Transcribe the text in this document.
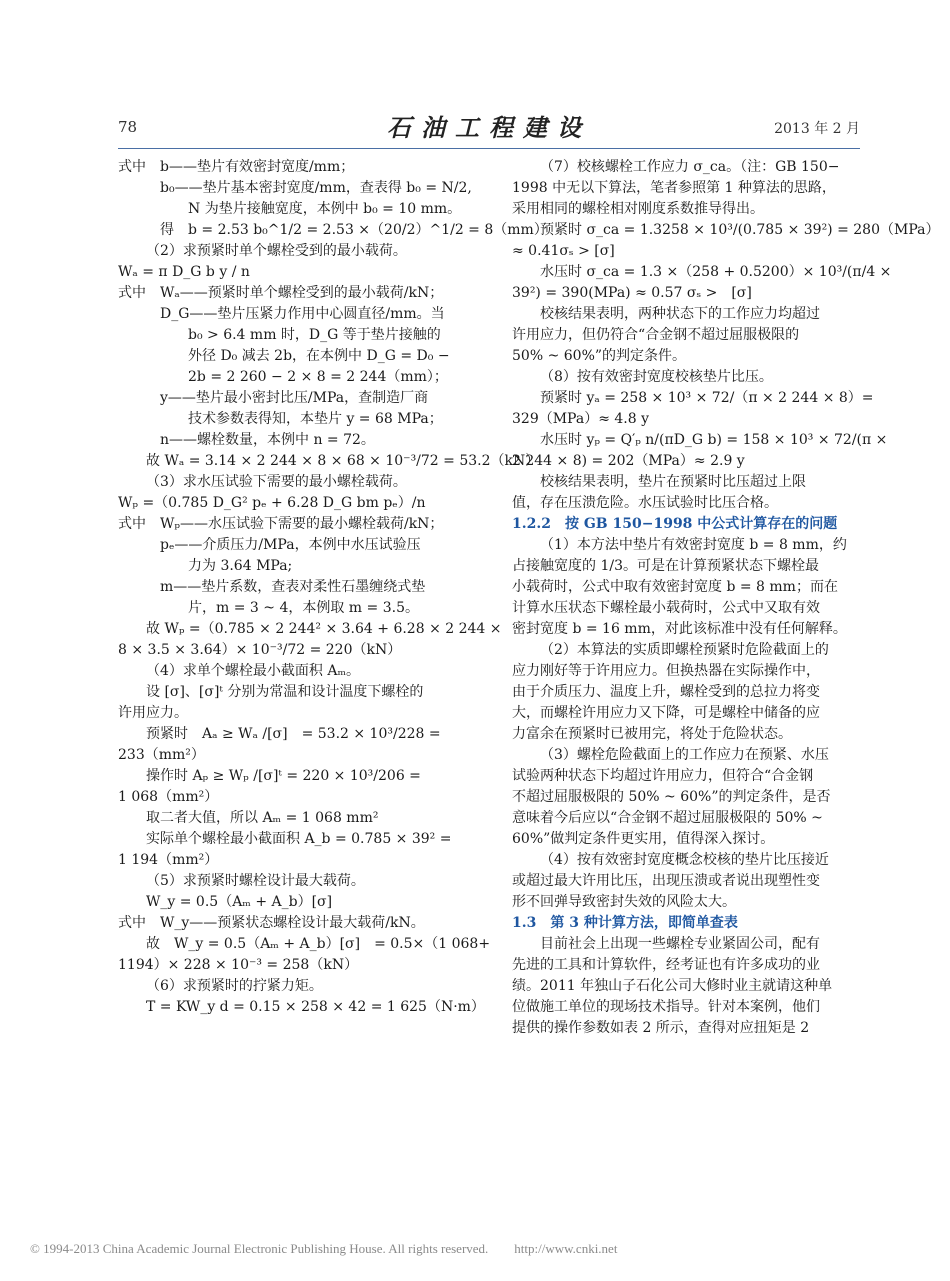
78	石油工程建设	2013 年 2 月
式中　b——垫片有效密封宽度/mm；
　　　b₀——垫片基本密封宽度/mm，查表得 b₀ = N/2,
　　　　　N 为垫片接触宽度，本例中 b₀ = 10 mm。
　得　b = 2.53 b₀^1/2 = 2.53 ×（20/2）^1/2 = 8（mm）
（2）求预紧时单个螺栓受到的最小载荷。
Wₐ = π D_G b y / n
式中　Wₐ——预紧时单个螺栓受到的最小载荷/kN；
　　　D_G——垫片压紧力作用中心圆直径/mm。当
　　　　　b₀ > 6.4 mm 时，D_G 等于垫片接触的
　　　　　外径 D₀ 减去 2b，在本例中 D_G = D₀ −
　　　　　2b = 2 260 − 2 × 8 = 2 244（mm）；
　　　y——垫片最小密封比压/MPa，查制造厂商
　　　　　技术参数表得知，本垫片 y = 68 MPa；
　　　n——螺栓数量，本例中 n = 72。
故 Wₐ = 3.14 × 2 244 × 8 × 68 × 10⁻³/72 = 53.2（kN）
（3）求水压试验下需要的最小螺栓载荷。
Wₚ =（0.785 D_G² pₑ + 6.28 D_G bm pₑ）/n
式中　Wₚ——水压试验下需要的最小螺栓载荷/kN；
　　　pₑ——介质压力/MPa，本例中水压试验压
　　　　　力为 3.64 MPa;
　　　m——垫片系数，查表对柔性石墨缠绕式垫
　　　　　片，m = 3 ~ 4，本例取 m = 3.5。
故 Wₚ =（0.785 × 2 244² × 3.64 + 6.28 × 2 244 ×
8 × 3.5 × 3.64）× 10⁻³/72 = 220（kN）
（4）求单个螺栓最小截面积 Aₘ。
设 [σ]、[σ]ᵗ 分别为常温和设计温度下螺栓的
许用应力。
预紧时　Aₐ ≥ Wₐ /[σ]　= 53.2 × 10³/228 =
233（mm²）
操作时 Aₚ ≥ Wₚ /[σ]ᵗ = 220 × 10³/206 =
1 068（mm²）
取二者大值，所以 Aₘ = 1 068 mm²
实际单个螺栓最小截面积 A_b = 0.785 × 39² =
1 194（mm²）
（5）求预紧时螺栓设计最大载荷。
W_y = 0.5（Aₘ + A_b）[σ]
式中　W_y——预紧状态螺栓设计最大载荷/kN。
故　W_y = 0.5（Aₘ + A_b）[σ]　= 0.5×（1 068+
1194）× 228 × 10⁻³ = 258（kN）
（6）求预紧时的拧紧力矩。
T = KW_y d = 0.15 × 258 × 42 = 1 625（N·m）
（7）校核螺栓工作应力 σ_ca。（注：GB 150−
1998 中无以下算法，笔者参照第 1 种算法的思路，
采用相同的螺栓相对刚度系数推导得出。
预紧时 σ_ca = 1.3258 × 10³/(0.785 × 39²) = 280（MPa）
≈ 0.41σₛ > [σ]
水压时 σ_ca = 1.3 ×（258 + 0.5200）× 10³/(π/4 ×
39²) = 390(MPa) ≈ 0.57 σₛ >　[σ]
校核结果表明，两种状态下的工作应力均超过
许用应力，但仍符合“合金钢不超过屈服极限的
50% ~ 60%”的判定条件。
（8）按有效密封宽度校核垫片比压。
预紧时 yₐ = 258 × 10³ × 72/（π × 2 244 × 8）=
329（MPa）≈ 4.8 y
水压时 yₚ = Q′ₚ n/(πD_G b) = 158 × 10³ × 72/(π ×
2 244 × 8) = 202（MPa）≈ 2.9 y
校核结果表明，垫片在预紧时比压超过上限
值，存在压溃危险。水压试验时比压合格。
1.2.2　按 GB 150−1998 中公式计算存在的问题
（1）本方法中垫片有效密封宽度 b = 8 mm，约
占接触宽度的 1/3。可是在计算预紧状态下螺栓最
小载荷时，公式中取有效密封宽度 b = 8 mm；而在
计算水压状态下螺栓最小载荷时，公式中又取有效
密封宽度 b = 16 mm，对此该标准中没有任何解释。
（2）本算法的实质即螺栓预紧时危险截面上的
应力刚好等于许用应力。但换热器在实际操作中，
由于介质压力、温度上升，螺栓受到的总拉力将变
大，而螺栓许用应力又下降，可是螺栓中储备的应
力富余在预紧时已被用完，将处于危险状态。
（3）螺栓危险截面上的工作应力在预紧、水压
试验两种状态下均超过许用应力，但符合“合金钢
不超过屈服极限的 50% ~ 60%”的判定条件，是否
意味着今后应以“合金钢不超过屈服极限的 50% ~
60%”做判定条件更实用，值得深入探讨。
（4）按有效密封宽度概念校核的垫片比压接近
或超过最大许用比压，出现压溃或者说出现塑性变
形不回弹导致密封失效的风险太大。
1.3　第 3 种计算方法，即简单查表
目前社会上出现一些螺栓专业紧固公司，配有
先进的工具和计算软件，经考证也有许多成功的业
绩。2011 年独山子石化公司大修时业主就请这种单
位做施工单位的现场技术指导。针对本案例，他们
提供的操作参数如表 2 所示，查得对应扭矩是 2
© 1994-2013 China Academic Journal Electronic Publishing House. All rights reserved.　　http://www.cnki.net
